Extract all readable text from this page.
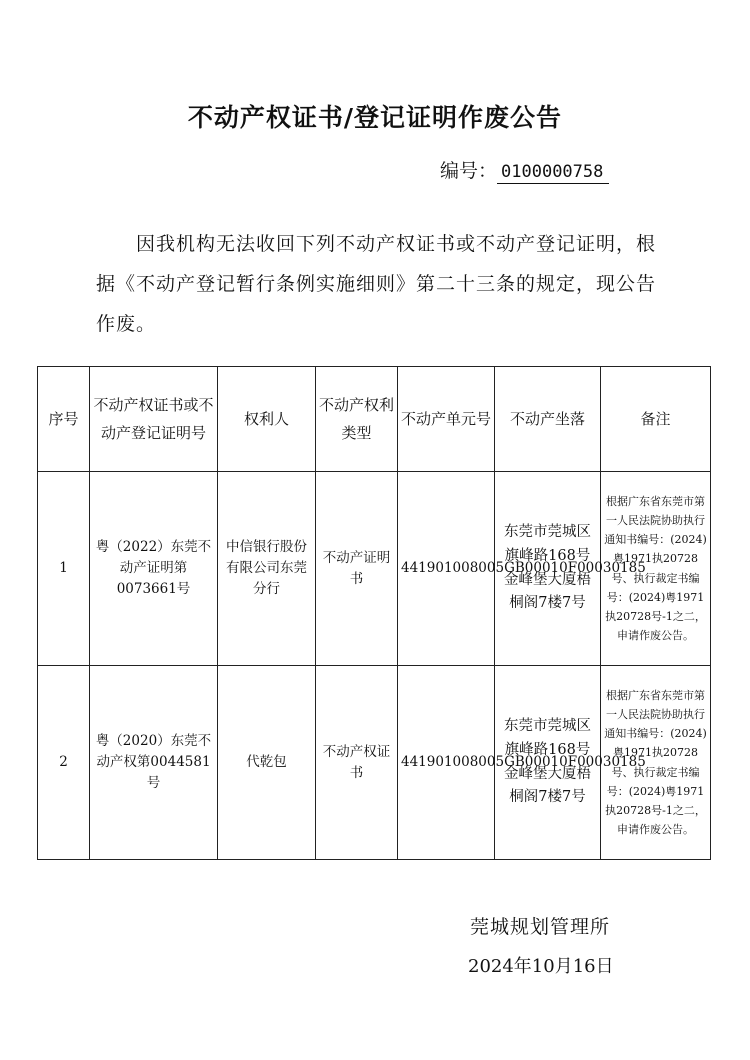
不动产权证书/登记证明作废公告
编号： 0100000758
因我机构无法收回下列不动产权证书或不动产登记证明，根据《不动产登记暂行条例实施细则》第二十三条的规定，现公告作废。
序号	不动产权证书或不动产登记证明号	权利人	不动产权利类型	不动产单元号	不动产坐落	备注
1	粤（2022）东莞不动产证明第0073661号	中信银行股份有限公司东莞分行	不动产证明书	441901008005GB00010F00030185	东莞市莞城区旗峰路168号金峰堡大厦梧桐阁7楼7号	根据广东省东莞市第一人民法院协助执行通知书编号：(2024)粤1971执20728号、执行裁定书编号：(2024)粤1971执20728号-1之二，申请作废公告。
2	粤（2020）东莞不动产权第0044581号	代乾包	不动产权证书	441901008005GB00010F00030185	东莞市莞城区旗峰路168号金峰堡大厦梧桐阁7楼7号	根据广东省东莞市第一人民法院协助执行通知书编号：(2024)粤1971执20728号、执行裁定书编号：(2024)粤1971执20728号-1之二，申请作废公告。
莞城规划管理所
2024年10月16日
